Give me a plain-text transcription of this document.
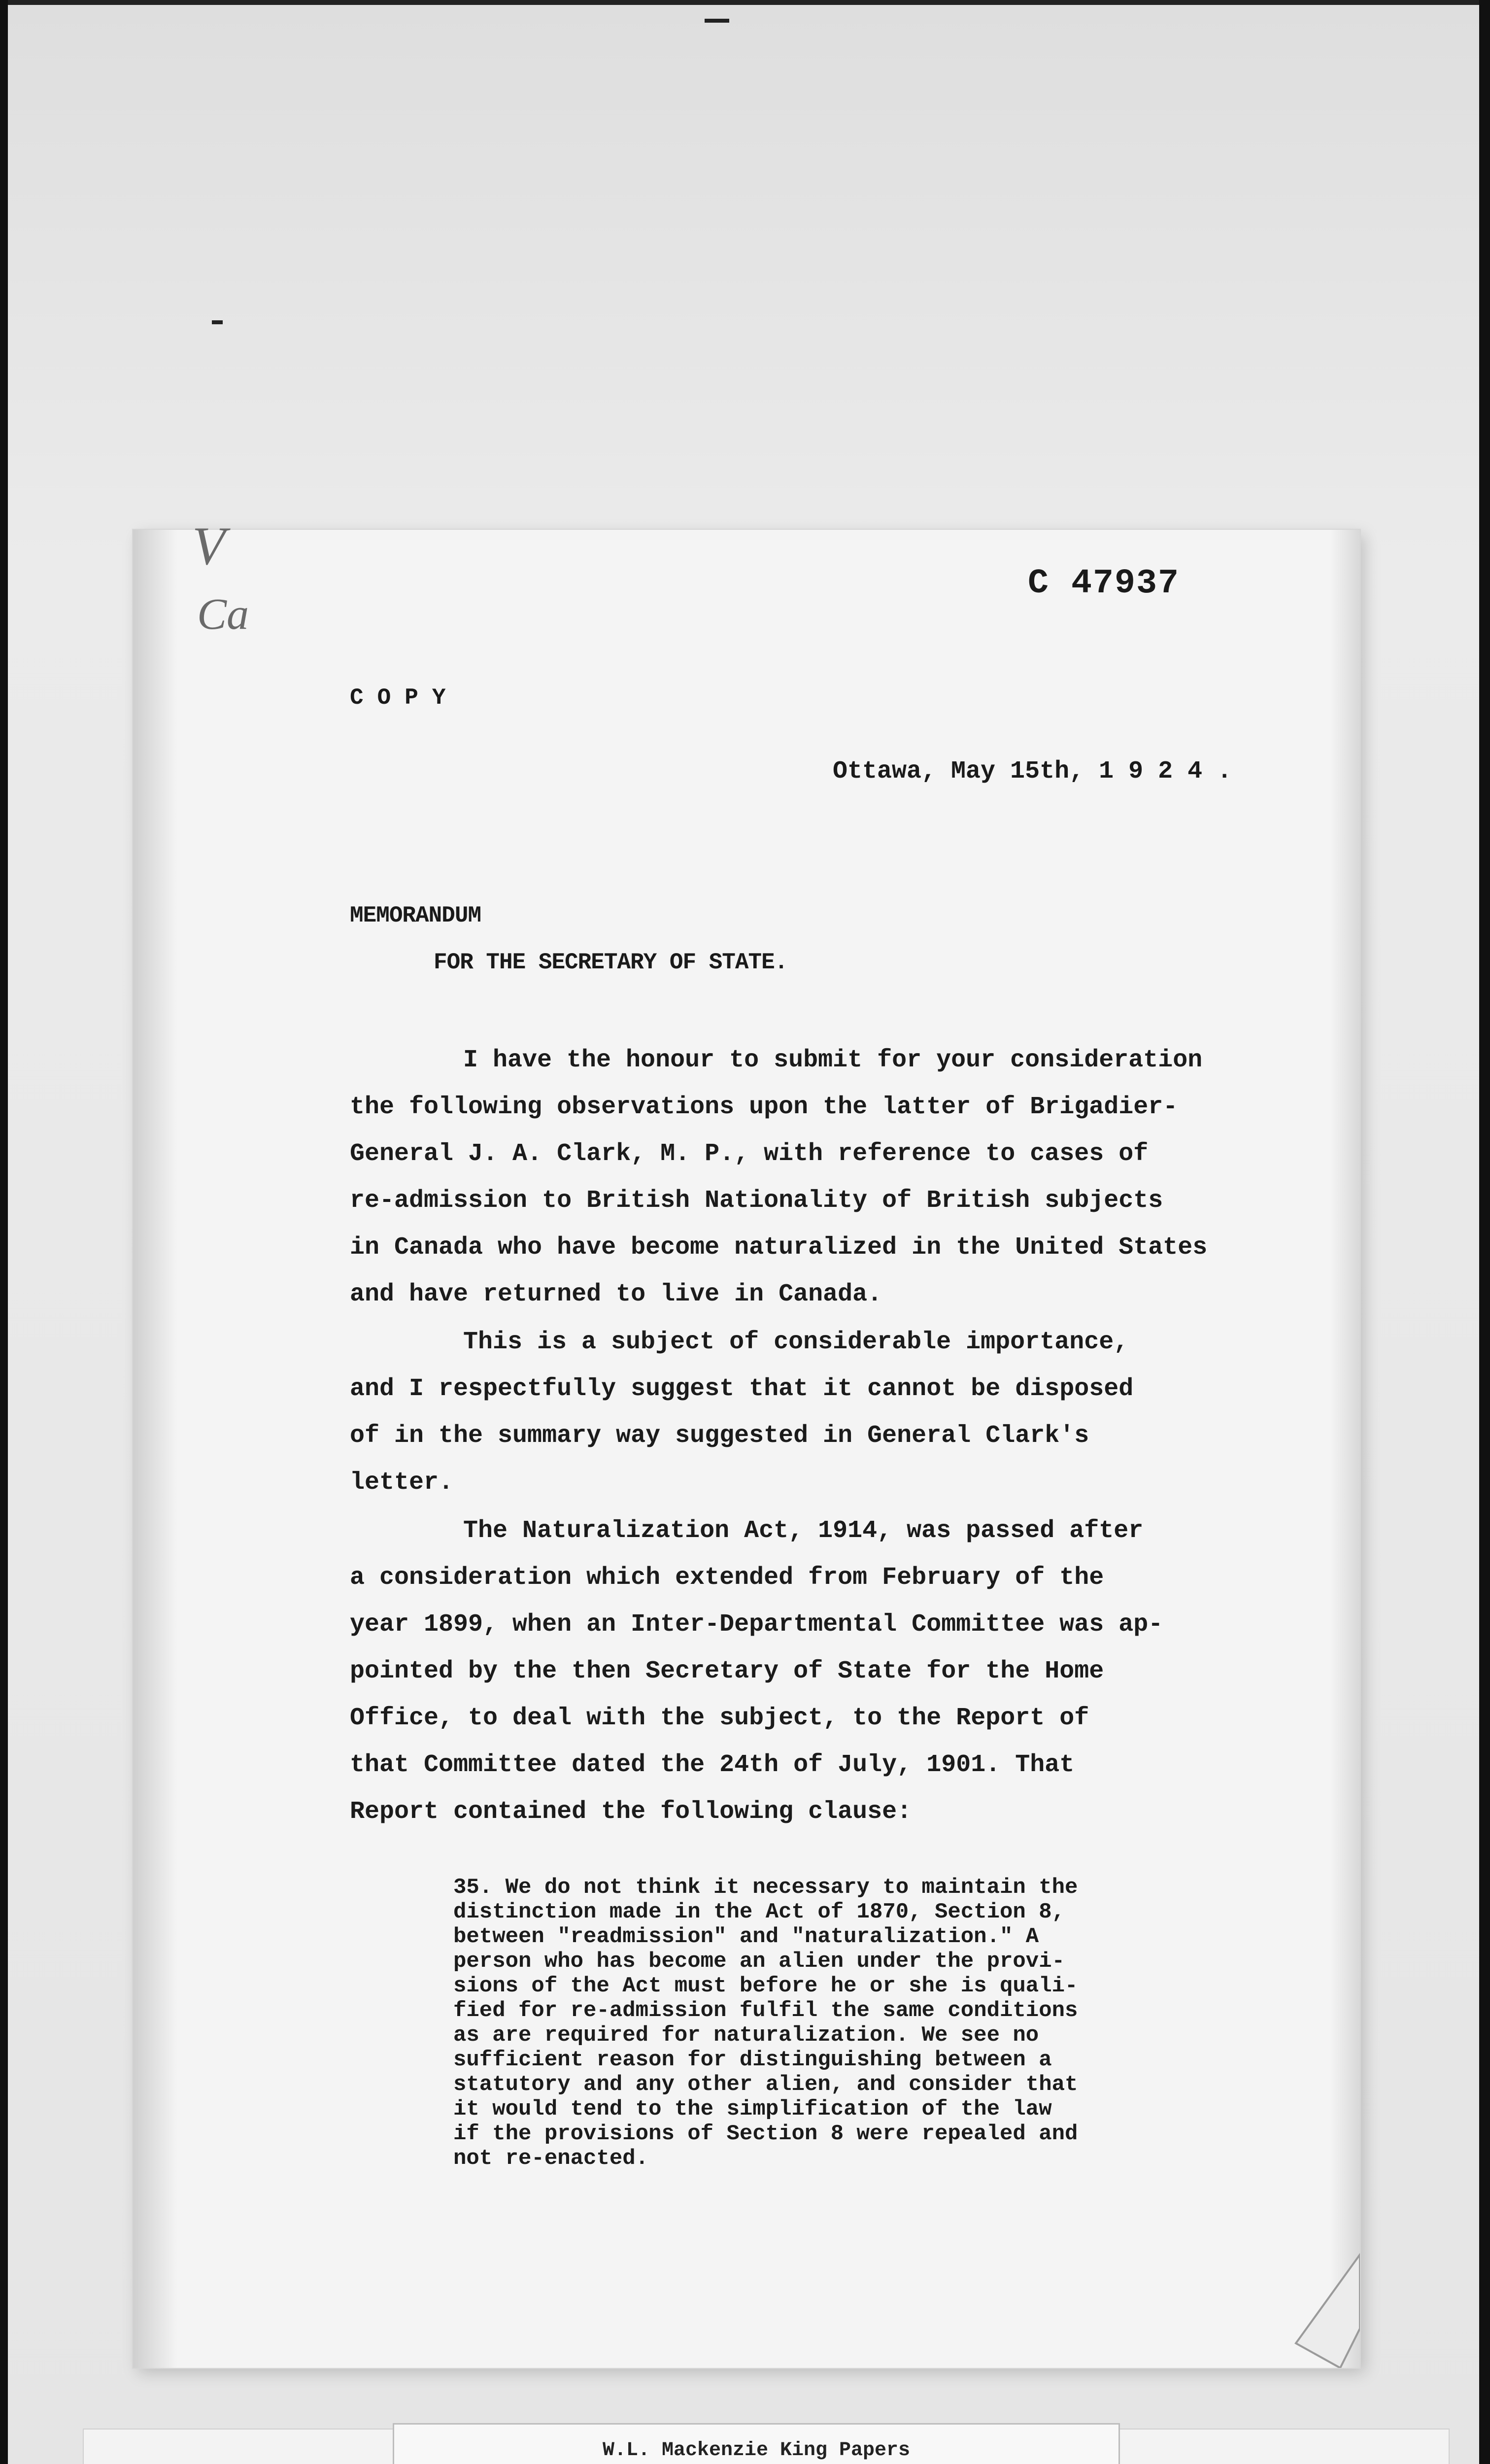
V
Ca
C 47937
COPY
Ottawa, May 15th, 1 9 2 4 .
MEMORANDUM
FOR THE SECRETARY OF STATE.
I have the honour to submit for your consideration
the following observations upon the latter of Brigadier-
General J. A. Clark, M. P., with reference to cases of
re-admission to British Nationality of British subjects
in Canada who have become naturalized in the United States
and have returned to live in Canada.
This is a subject of considerable importance,
and I respectfully suggest that it cannot be disposed
of in the summary way suggested in General Clark's
letter.
The Naturalization Act, 1914, was passed after
a consideration which extended from February of the
year 1899, when an Inter-Departmental Committee was ap-
pointed by the then Secretary of State for the Home
Office, to deal with the subject, to the Report of
that Committee dated the 24th of July, 1901. That
Report contained the following clause:
35. We do not think it necessary to maintain the
distinction made in the Act of 1870, Section 8,
between "readmission" and "naturalization." A
person who has become an alien under the provi-
sions of the Act must before he or she is quali-
fied for re-admission fulfil the same conditions
as are required for naturalization. We see no
sufficient reason for distinguishing between a
statutory and any other alien, and consider that
it would tend to the simplification of the law
if the provisions of Section 8 were repealed and
not re-enacted.
W.L. Mackenzie King Papers
